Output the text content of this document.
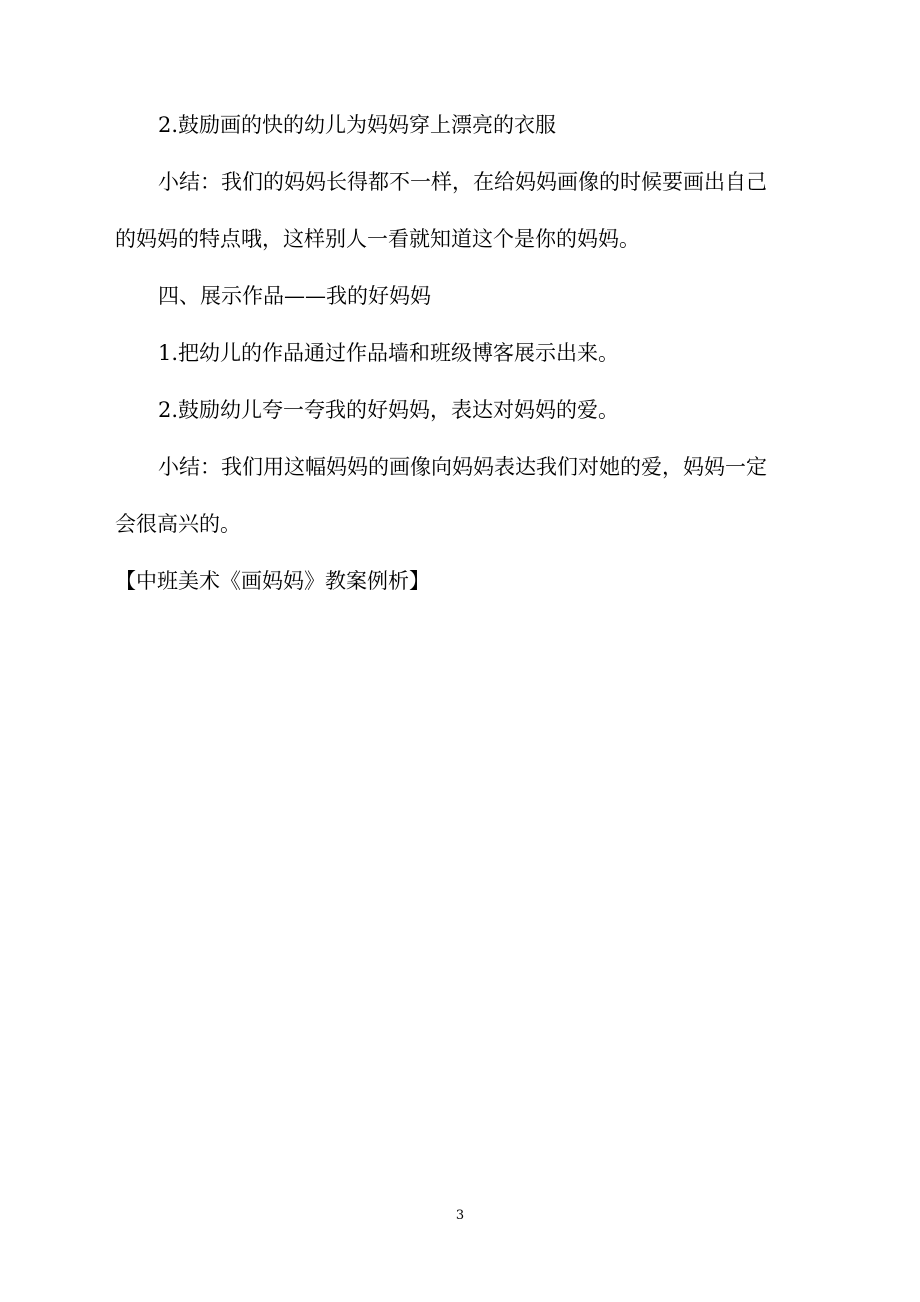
2.鼓励画的快的幼儿为妈妈穿上漂亮的衣服
小结：我们的妈妈长得都不一样，在给妈妈画像的时候要画出自己
的妈妈的特点哦，这样别人一看就知道这个是你的妈妈。
四、展示作品——我的好妈妈
1.把幼儿的作品通过作品墙和班级博客展示出来。
2.鼓励幼儿夸一夸我的好妈妈，表达对妈妈的爱。
小结：我们用这幅妈妈的画像向妈妈表达我们对她的爱，妈妈一定
会很高兴的。
【中班美术《画妈妈》教案例析】
3
